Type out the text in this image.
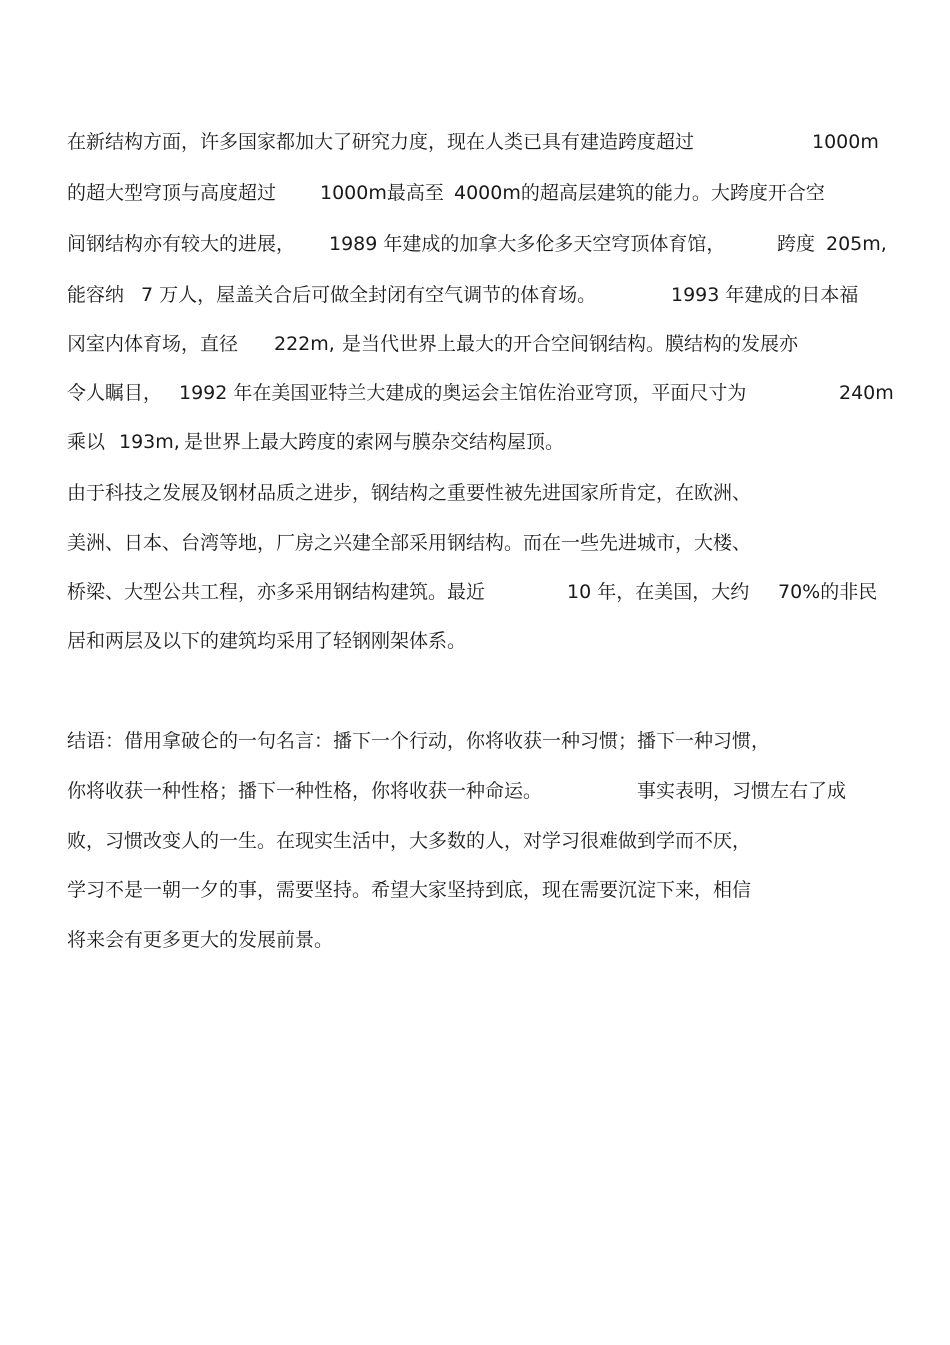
在新结构方面，许多国家都加大了研究力度，现在人类已具有建造跨度超过

	1000m

的超大型穹顶与高度超过

1000m最高至

4000m的超高层建筑的能力。大跨度开合空

间钢结构亦有较大的进展，

1989 年建成的加拿大多伦多天空穹顶体育馆，

	跨度

205m,

能容纳

7 万人，屋盖关合后可做全封闭有空气调节的体育场。

	1993 年建成的日本福

冈室内体育场，直径

222m,

是当代世界上最大的开合空间钢结构。膜结构的发展亦

令人瞩目，

1992 年在美国亚特兰大建成的奥运会主馆佐治亚穹顶，平面尺寸为

	240m

乘以

193m,

是世界上最大跨度的索网与膜杂交结构屋顶。

由于科技之发展及钢材品质之进步，钢结构之重要性被先进国家所肯定，在欧洲、

美洲、日本、台湾等地，厂房之兴建全部采用钢结构。而在一些先进城市，大楼、

桥梁、大型公共工程，亦多采用钢结构建筑。最近

	10 年，在美国，大约

70%的非民

居和两层及以下的建筑均采用了轻钢刚架体系。

结语：借用拿破仑的一句名言：播下一个行动，你将收获一种习惯；播下一种习惯，

你将收获一种性格；播下一种性格，你将收获一种命运。

	事实表明，习惯左右了成

败，习惯改变人的一生。在现实生活中，大多数的人，对学习很难做到学而不厌，

学习不是一朝一夕的事，需要坚持。希望大家坚持到底，现在需要沉淀下来，相信

将来会有更多更大的发展前景。
